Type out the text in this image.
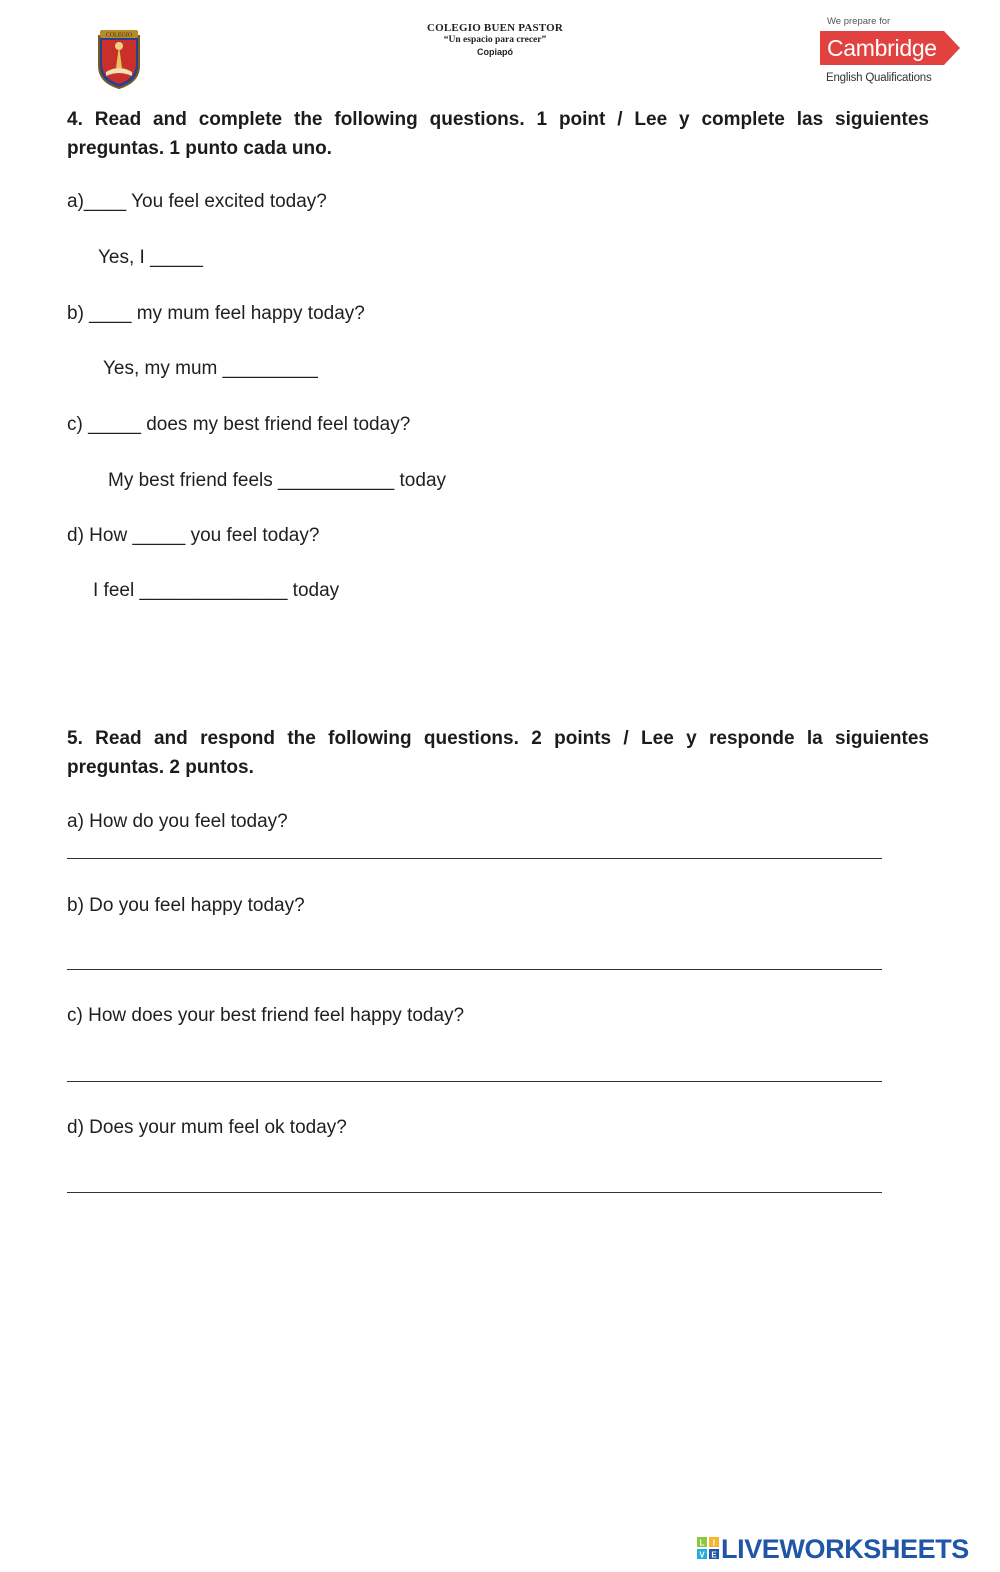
COLEGIO
COLEGIO BUEN PASTOR
“Un espacio para crecer”
Copiapó
We prepare for
Cambridge
English Qualifications
4. Read and complete the following questions. 1 point / Lee y complete las siguientes preguntas. 1 punto cada uno.
a)____ You feel excited today?
Yes, I _____
b) ____ my mum feel happy today?
Yes, my mum _________
c) _____ does my best friend feel today?
My best friend feels ___________ today
d) How _____ you feel today?
I feel ______________ today
5. Read and respond the following questions. 2 points / Lee y responde la siguientes preguntas. 2 puntos.
a) How do you feel today?
b) Do you feel happy today?
c) How does your best friend feel happy today?
d) Does your mum feel ok today?
L I
V E LIVEWORKSHEETS
